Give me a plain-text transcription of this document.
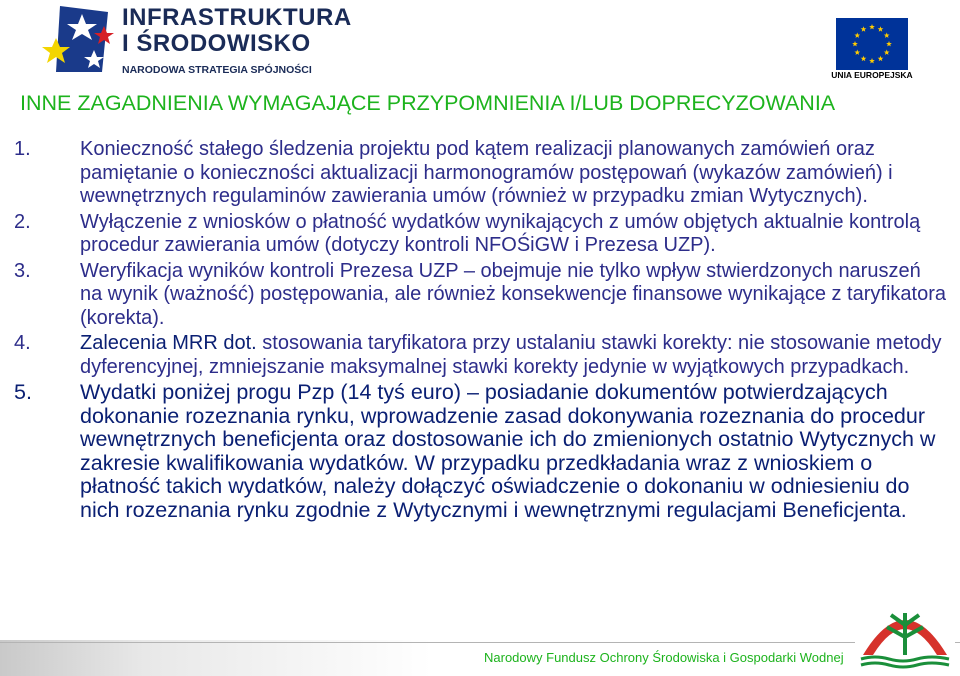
INFRASTRUKTURA
I ŚRODOWISKO
NARODOWA STRATEGIA SPÓJNOŚCI	UNIA EUROPEJSKA
INNE ZAGADNIENIA WYMAGAJĄCE PRZYPOMNIENIA I/LUB DOPRECYZOWANIA
1. Konieczność stałego śledzenia projektu pod kątem realizacji planowanych zamówień oraz pamiętanie o konieczności aktualizacji harmonogramów postępowań (wykazów zamówień) i wewnętrznych regulaminów zawierania umów (również w przypadku zmian Wytycznych).
2. Wyłączenie z wniosków o płatność wydatków wynikających z umów objętych aktualnie kontrolą procedur zawierania umów (dotyczy kontroli NFOŚiGW i Prezesa UZP).
3. Weryfikacja wyników kontroli Prezesa UZP – obejmuje nie tylko wpływ stwierdzonych naruszeń na wynik (ważność) postępowania, ale również konsekwencje finansowe wynikające z taryfikatora (korekta).
4. Zalecenia MRR dot. stosowania taryfikatora przy ustalaniu stawki korekty: nie stosowanie metody dyferencyjnej, zmniejszanie maksymalnej stawki korekty jedynie w wyjątkowych przypadkach.
5. Wydatki poniżej progu Pzp (14 tyś euro) – posiadanie dokumentów potwierdzających dokonanie rozeznania rynku, wprowadzenie zasad dokonywania rozeznania do procedur wewnętrznych beneficjenta oraz dostosowanie ich do zmienionych ostatnio Wytycznych w zakresie kwalifikowania wydatków. W przypadku przedkładania wraz z wnioskiem o płatność takich wydatków, należy dołączyć oświadczenie o dokonaniu w odniesieniu do nich rozeznania rynku zgodnie z Wytycznymi i wewnętrznymi regulacjami Beneficjenta.
Narodowy Fundusz Ochrony Środowiska i Gospodarki Wodnej
